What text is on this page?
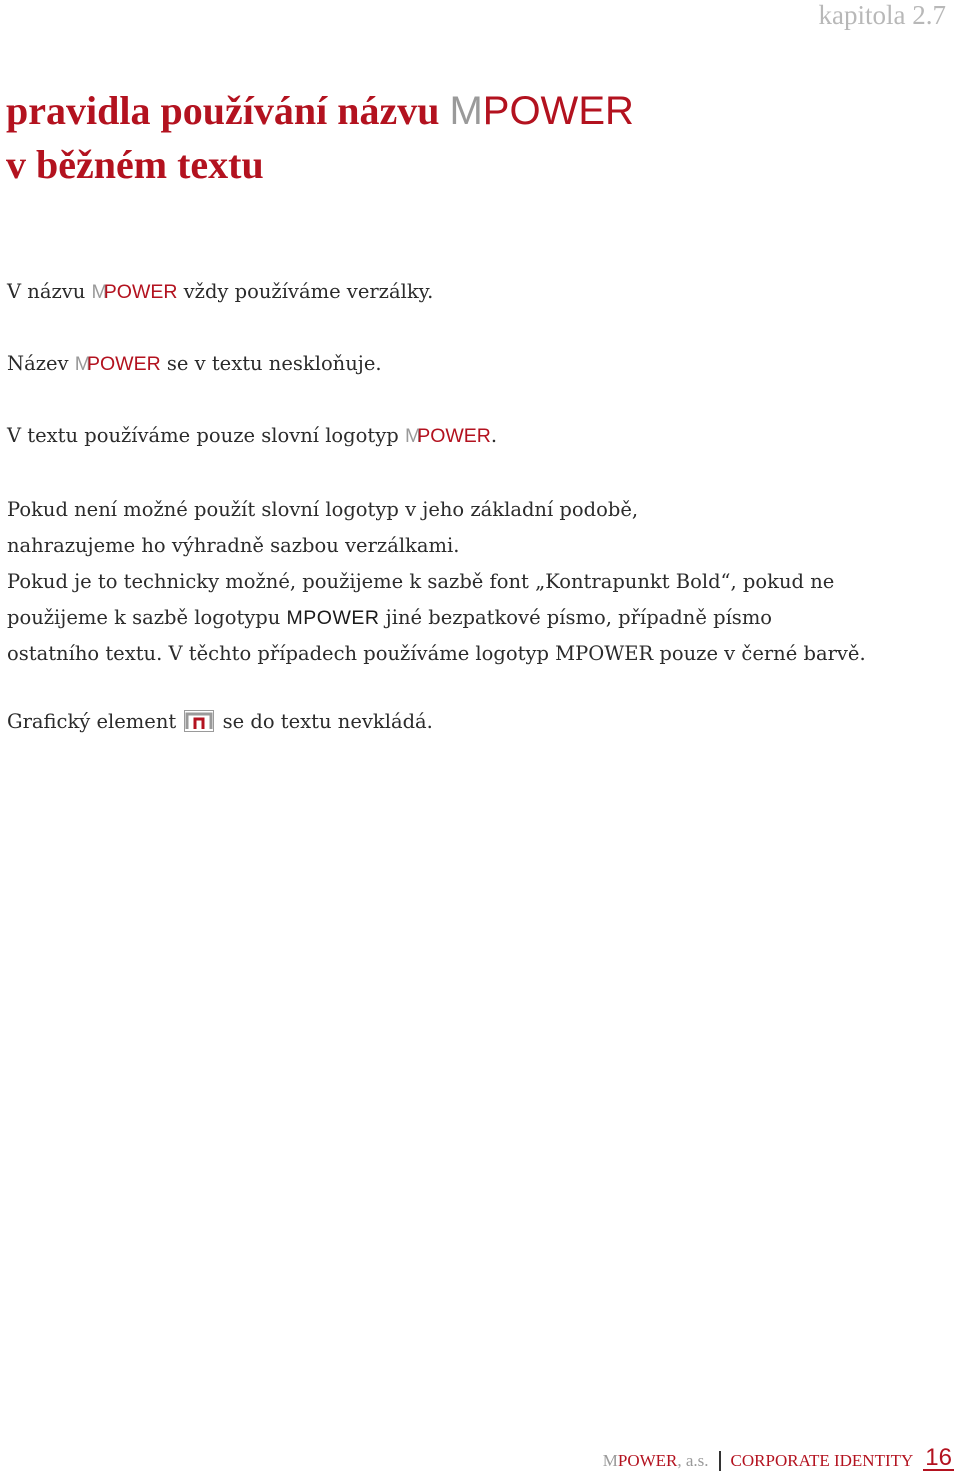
kapitola 2.7
pravidla používání názvu MPOWER
v běžném textu

V názvu MPOWER vždy používáme verzálky.

Název MPOWER se v textu neskloňuje.

V textu používáme pouze slovní logotyp MPOWER.

Pokud není možné použít slovní logotyp v jeho základní podobě,
nahrazujeme ho výhradně sazbou verzálkami.
Pokud je to technicky možné, použijeme k sazbě font „Kontrapunkt Bold“, pokud ne
použijeme k sazbě logotypu MPOWER jiné bezpatkové písmo, případně písmo
ostatního textu. V těchto případech používáme logotyp MPOWER pouze v černé barvě.

Grafický element se do textu nevkládá.

MPOWER, a.s. CORPORATE IDENTITY 16
